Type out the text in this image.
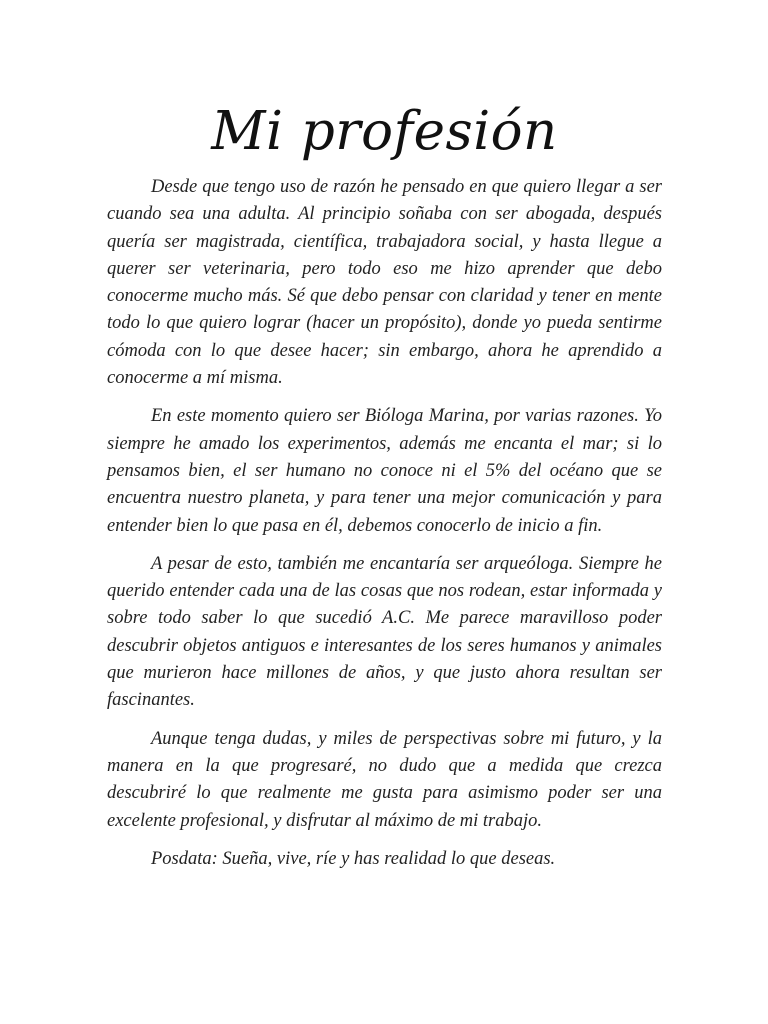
Mi profesión

Desde que tengo uso de razón he pensado en que quiero llegar a ser cuando sea una adulta. Al principio soñaba con ser abogada, después quería ser magistrada, científica, trabajadora social, y hasta llegue a querer ser veterinaria, pero todo eso me hizo aprender que debo conocerme mucho más. Sé que debo pensar con claridad y tener en mente todo lo que quiero lograr (hacer un propósito), donde yo pueda sentirme cómoda con lo que desee hacer; sin embargo, ahora he aprendido a conocerme a mí misma.

En este momento quiero ser Bióloga Marina, por varias razones. Yo siempre he amado los experimentos, además me encanta el mar; si lo pensamos bien, el ser humano no conoce ni el 5% del océano que se encuentra nuestro planeta, y para tener una mejor comunicación y para entender bien lo que pasa en él, debemos conocerlo de inicio a fin.

A pesar de esto, también me encantaría ser arqueóloga. Siempre he querido entender cada una de las cosas que nos rodean, estar informada y sobre todo saber lo que sucedió A.C. Me parece maravilloso poder descubrir objetos antiguos e interesantes de los seres humanos y animales que murieron hace millones de años, y que justo ahora resultan ser fascinantes.

Aunque tenga dudas, y miles de perspectivas sobre mi futuro, y la manera en la que progresaré, no dudo que a medida que crezca descubriré lo que realmente me gusta para asimismo poder ser una excelente profesional, y disfrutar al máximo de mi trabajo.

Posdata: Sueña, vive, ríe y has realidad lo que deseas.
